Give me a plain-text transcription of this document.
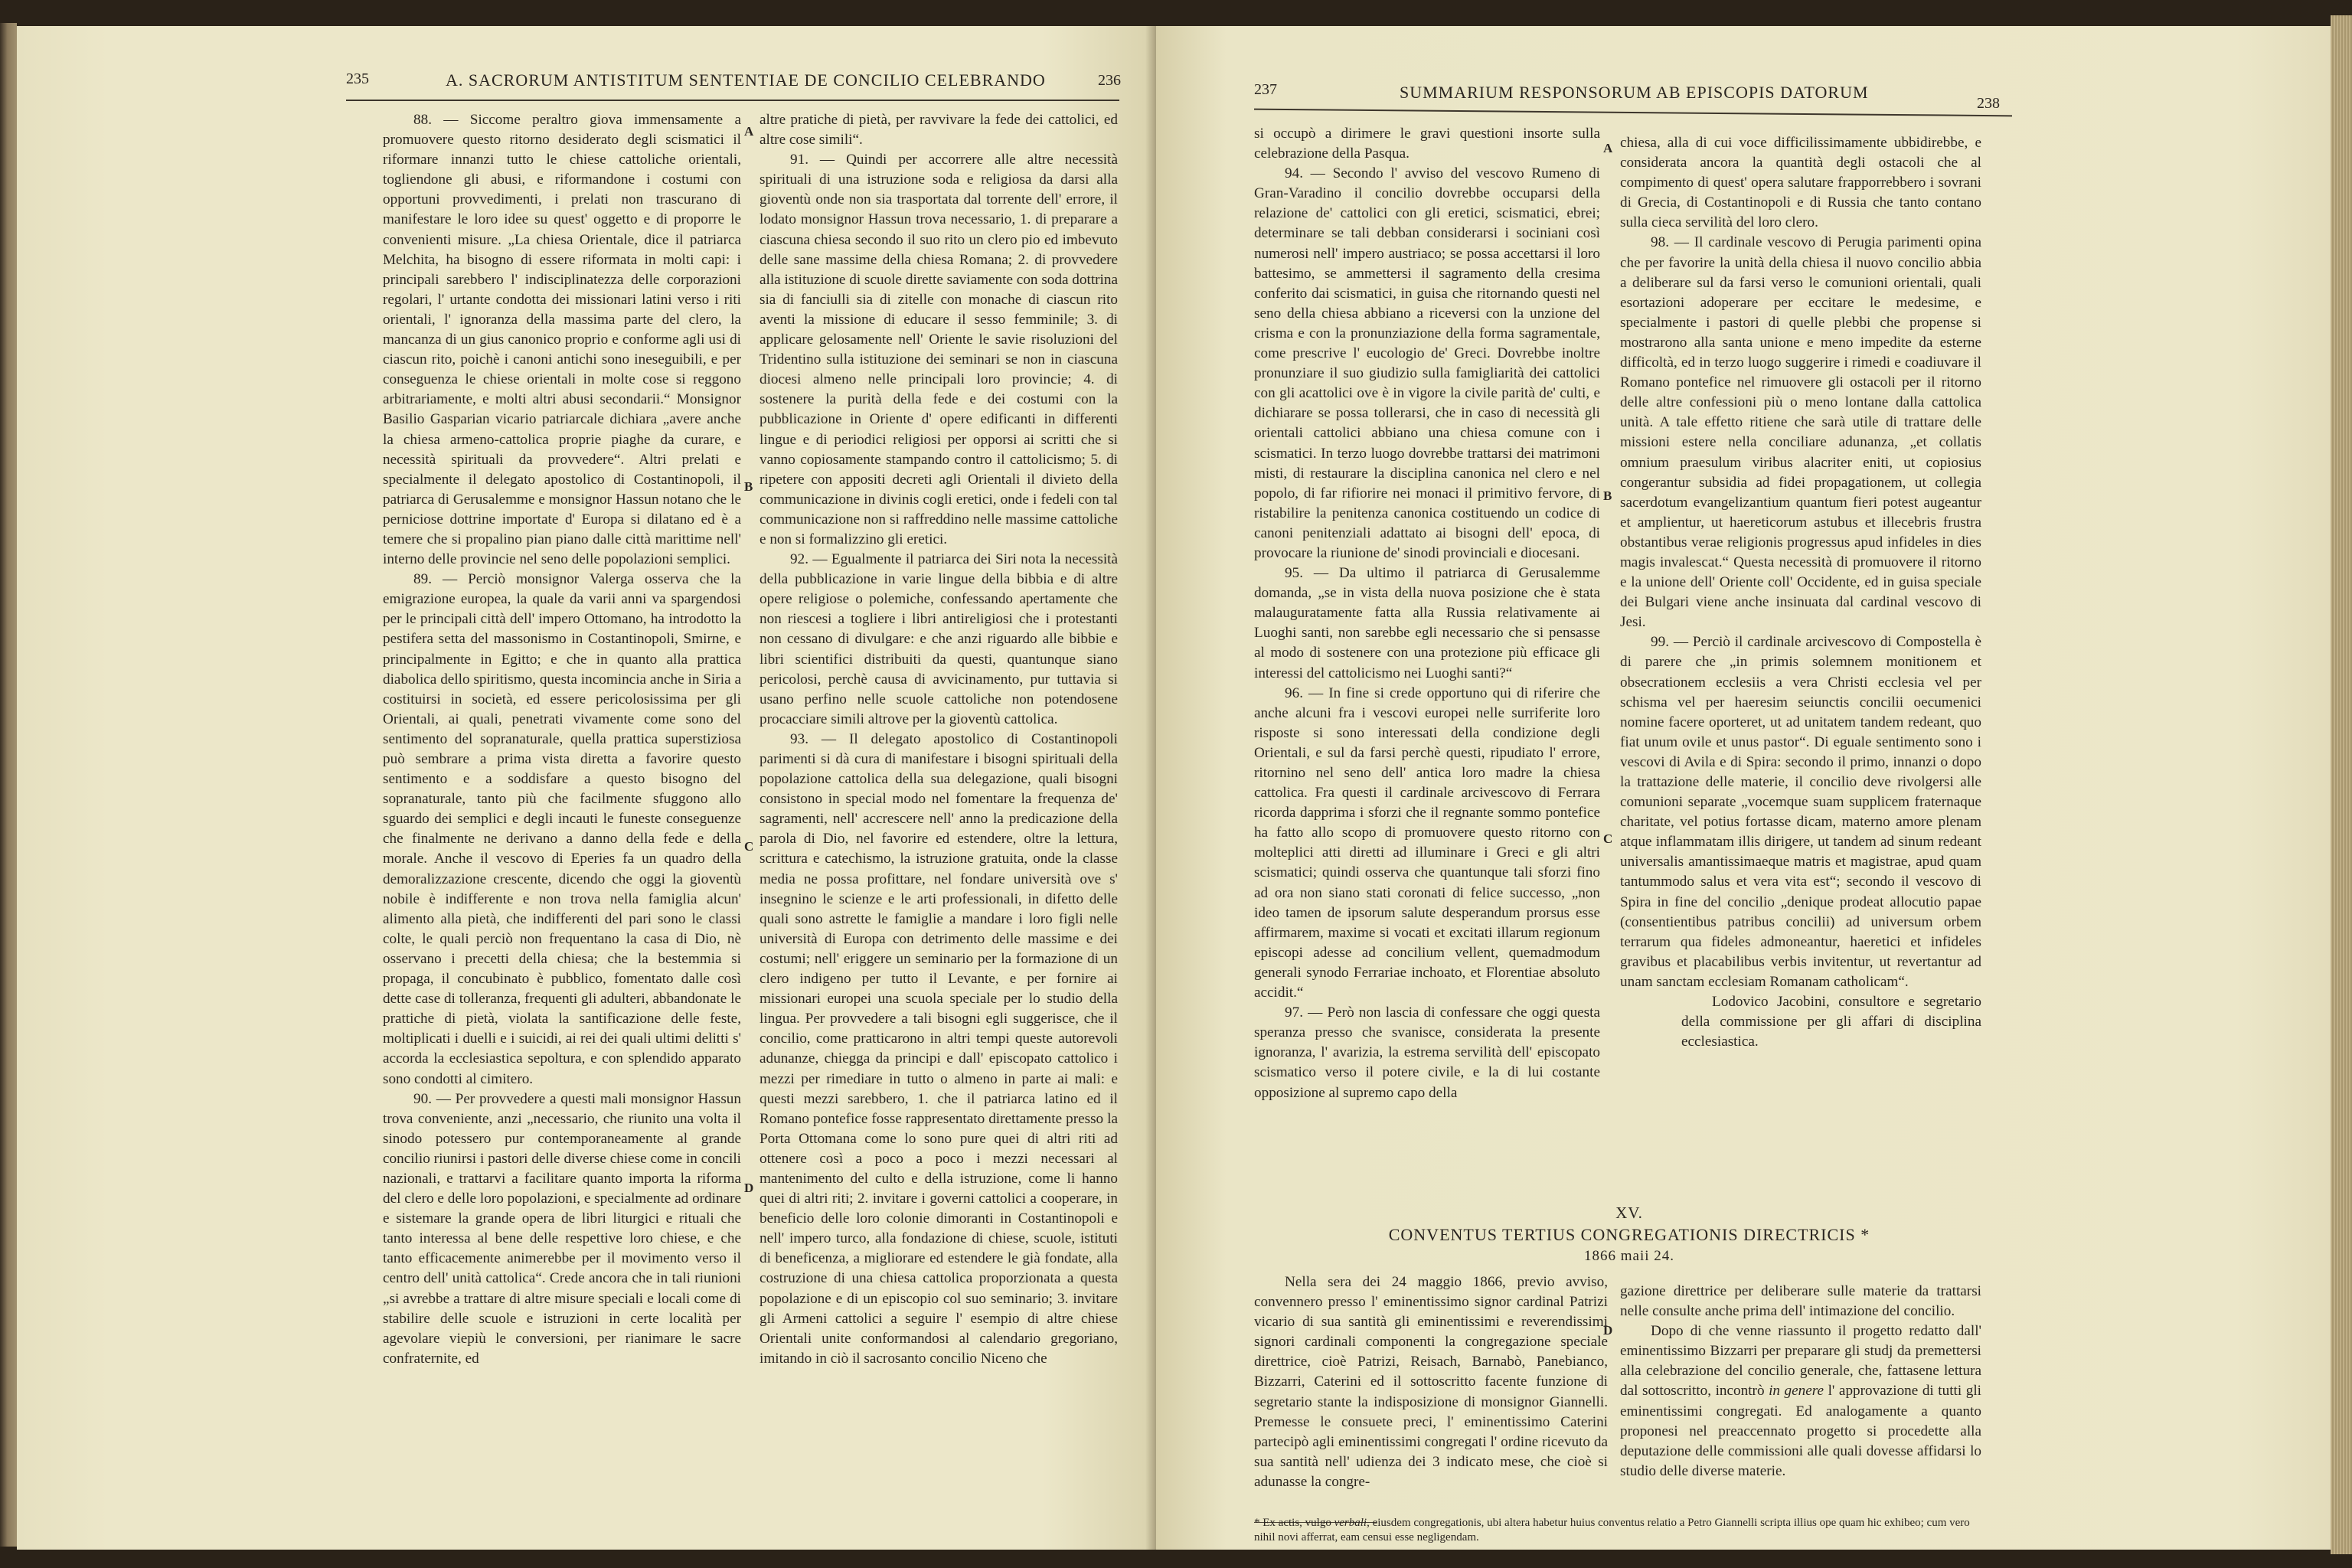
235	A. SACRORUM ANTISTITUM SENTENTIAE DE CONCILIO CELEBRANDO	236

88. — Siccome peraltro giova immensamente a promuovere questo ritorno desiderato degli scismatici il riformare innanzi tutto le chiese cattoliche orientali, togliendone gli abusi, e riformandone i costumi con opportuni provvedimenti, i prelati non trascurano di manifestare le loro idee su quest' oggetto e di proporre le convenienti misure. „La chiesa Orientale, dice il patriarca Melchita, ha bisogno di essere riformata in molti capi: i principali sarebbero l' indisciplinatezza delle corporazioni regolari, l' urtante condotta dei missionari latini verso i riti orientali, l' ignoranza della massima parte del clero, la mancanza di un gius canonico proprio e conforme agli usi di ciascun rito, poichè i canoni antichi sono ineseguibili, e per conseguenza le chiese orientali in molte cose si reggono arbitrariamente, e molti altri abusi secondarii.“ Monsignor Basilio Gasparian vicario patriarcale dichiara „avere anche la chiesa armeno-cattolica proprie piaghe da curare, e necessità spirituali da provvedere“. Altri prelati e specialmente il delegato apostolico di Costantinopoli, il patriarca di Gerusalemme e monsignor Hassun notano che le perniciose dottrine importate d' Europa si dilatano ed è a temere che si propalino pian piano dalle città marittime nell' interno delle provincie nel seno delle popolazioni semplici.

89. — Perciò monsignor Valerga osserva che la emigrazione europea, la quale da varii anni va spargendosi per le principali città dell' impero Ottomano, ha introdotto la pestifera setta del massonismo in Costantinopoli, Smirne, e principalmente in Egitto; e che in quanto alla prattica diabolica dello spiritismo, questa incomincia anche in Siria a costituirsi in società, ed essere pericolosissima per gli Orientali, ai quali, penetrati vivamente come sono del sentimento del sopranaturale, quella prattica superstiziosa può sembrare a prima vista diretta a favorire questo sentimento e a soddisfare a questo bisogno del sopranaturale, tanto più che facilmente sfuggono allo sguardo dei semplici e degli incauti le funeste conseguenze che finalmente ne derivano a danno della fede e della morale. Anche il vescovo di Eperies fa un quadro della demoralizzazione crescente, dicendo che oggi la gioventù nobile è indifferente e non trova nella famiglia alcun' alimento alla pietà, che indifferenti del pari sono le classi colte, le quali perciò non frequentano la casa di Dio, nè osservano i precetti della chiesa; che la bestemmia si propaga, il concubinato è pubblico, fomentato dalle così dette case di tolleranza, frequenti gli adulteri, abbandonate le prattiche di pietà, violata la santificazione delle feste, moltiplicati i duelli e i suicidi, ai rei dei quali ultimi delitti s' accorda la ecclesiastica sepoltura, e con splendido apparato sono condotti al cimitero.

90. — Per provvedere a questi mali monsignor Hassun trova conveniente, anzi „necessario, che riunito una volta il sinodo potessero pur contemporaneamente al grande concilio riunirsi i pastori delle diverse chiese come in concili nazionali, e trattarvi a facilitare quanto importa la riforma del clero e delle loro popolazioni, e specialmente ad ordinare e sistemare la grande opera de libri liturgici e rituali che tanto interessa al bene delle respettive loro chiese, e che tanto efficacemente animerebbe per il movimento verso il centro dell' unità cattolica“. Crede ancora che in tali riunioni „si avrebbe a trattare di altre misure speciali e locali come di stabilire delle scuole e istruzioni in certe località per agevolare viepiù le conversioni, per rianimare le sacre confraternite, ed

A
B
C
D

altre pratiche di pietà, per ravvivare la fede dei cattolici, ed altre cose simili“.

91. — Quindi per accorrere alle altre necessità spirituali di una istruzione soda e religiosa da darsi alla gioventù onde non sia trasportata dal torrente dell' errore, il lodato monsignor Hassun trova necessario, 1. di preparare a ciascuna chiesa secondo il suo rito un clero pio ed imbevuto delle sane massime della chiesa Romana; 2. di provvedere alla istituzione di scuole dirette saviamente con soda dottrina sia di fanciulli sia di zitelle con monache di ciascun rito aventi la missione di educare il sesso femminile; 3. di applicare gelosamente nell' Oriente le savie risoluzioni del Tridentino sulla istituzione dei seminari se non in ciascuna diocesi almeno nelle principali loro provincie; 4. di sostenere la purità della fede e dei costumi con la pubblicazione in Oriente d' opere edificanti in differenti lingue e di periodici religiosi per opporsi ai scritti che si vanno copiosamente stampando contro il cattolicismo; 5. di ripetere con appositi decreti agli Orientali il divieto della communicazione in divinis cogli eretici, onde i fedeli con tal communicazione non si raffreddino nelle massime cattoliche e non si formalizzino gli eretici.

92. — Egualmente il patriarca dei Siri nota la necessità della pubblicazione in varie lingue della bibbia e di altre opere religiose o polemiche, confessando apertamente che non riescesi a togliere i libri antireligiosi che i protestanti non cessano di divulgare: e che anzi riguardo alle bibbie e libri scientifici distribuiti da questi, quantunque siano pericolosi, perchè causa di avvicinamento, pur tuttavia si usano perfino nelle scuole cattoliche non potendosene procacciare simili altrove per la gioventù cattolica.

93. — Il delegato apostolico di Costantinopoli parimenti si dà cura di manifestare i bisogni spirituali della popolazione cattolica della sua delegazione, quali bisogni consistono in special modo nel fomentare la frequenza de' sagramenti, nell' accrescere nell' anno la predicazione della parola di Dio, nel favorire ed estendere, oltre la lettura, scrittura e catechismo, la istruzione gratuita, onde la classe media ne possa profittare, nel fondare università ove s' insegnino le scienze e le arti professionali, in difetto delle quali sono astrette le famiglie a mandare i loro figli nelle università di Europa con detrimento delle massime e dei costumi; nell' eriggere un seminario per la formazione di un clero indigeno per tutto il Levante, e per fornire ai missionari europei una scuola speciale per lo studio della lingua. Per provvedere a tali bisogni egli suggerisce, che il concilio, come pratticarono in altri tempi queste autorevoli adunanze, chiegga da principi e dall' episcopato cattolico i mezzi per rimediare in tutto o almeno in parte ai mali: e questi mezzi sarebbero, 1. che il patriarca latino ed il Romano pontefice fosse rappresentato direttamente presso la Porta Ottomana come lo sono pure quei di altri riti ad ottenere così a poco a poco i mezzi necessari al mantenimento del culto e della istruzione, come li hanno quei di altri riti; 2. invitare i governi cattolici a cooperare, in beneficio delle loro colonie dimoranti in Costantinopoli e nell' impero turco, alla fondazione di chiese, scuole, istituti di beneficenza, a migliorare ed estendere le già fondate, alla costruzione di una chiesa cattolica proporzionata a questa popolazione e di un episcopio col suo seminario; 3. invitare gli Armeni cattolici a seguire l' esempio di altre chiese Orientali unite conformandosi al calendario gregoriano, imitando in ciò il sacrosanto concilio Niceno che

237	SUMMARIUM RESPONSORUM AB EPISCOPIS DATORUM
238

si occupò a dirimere le gravi questioni insorte sulla celebrazione della Pasqua.

94. — Secondo l' avviso del vescovo Rumeno di Gran-Varadino il concilio dovrebbe occuparsi della relazione de' cattolici con gli eretici, scismatici, ebrei; determinare se tali debban considerarsi i sociniani così numerosi nell' impero austriaco; se possa accettarsi il loro battesimo, se ammettersi il sagramento della cresima conferito dai scismatici, in guisa che ritornando questi nel seno della chiesa abbiano a riceversi con la unzione del crisma e con la pronunziazione della forma sagramentale, come prescrive l' eucologio de' Greci. Dovrebbe inoltre pronunziare il suo giudizio sulla famigliarità dei cattolici con gli acattolici ove è in vigore la civile parità de' culti, e dichiarare se possa tollerarsi, che in caso di necessità gli orientali cattolici abbiano una chiesa comune con i scismatici. In terzo luogo dovrebbe trattarsi dei matrimoni misti, di restaurare la disciplina canonica nel clero e nel popolo, di far rifiorire nei monaci il primitivo fervore, di ristabilire la penitenza canonica costituendo un codice di canoni penitenziali adattato ai bisogni dell' epoca, di provocare la riunione de' sinodi provinciali e diocesani.

95. — Da ultimo il patriarca di Gerusalemme domanda, „se in vista della nuova posizione che è stata malauguratamente fatta alla Russia relativamente ai Luoghi santi, non sarebbe egli necessario che si pensasse al modo di sostenere con una protezione più efficace gli interessi del cattolicismo nei Luoghi santi?“

96. — In fine si crede opportuno qui di riferire che anche alcuni fra i vescovi europei nelle surriferite loro risposte si sono interessati della condizione degli Orientali, e sul da farsi perchè questi, ripudiato l' errore, ritornino nel seno dell' antica loro madre la chiesa cattolica. Fra questi il cardinale arcivescovo di Ferrara ricorda dapprima i sforzi che il regnante sommo pontefice ha fatto allo scopo di promuovere questo ritorno con molteplici atti diretti ad illuminare i Greci e gli altri scismatici; quindi osserva che quantunque tali sforzi fino ad ora non siano stati coronati di felice successo, „non ideo tamen de ipsorum salute desperandum prorsus esse affirmarem, maxime si vocati et excitati illarum regionum episcopi adesse ad concilium vellent, quemadmodum generali synodo Ferrariae inchoato, et Florentiae absoluto accidit.“

97. — Però non lascia di confessare che oggi questa speranza presso che svanisce, considerata la presente ignoranza, l' avarizia, la estrema servilità dell' episcopato scismatico verso il potere civile, e la di lui costante opposizione al supremo capo della

A
B
C
D

chiesa, alla di cui voce difficilissimamente ubbidirebbe, e considerata ancora la quantità degli ostacoli che al compimento di quest' opera salutare frapporrebbero i sovrani di Grecia, di Costantinopoli e di Russia che tanto contano sulla cieca servilità del loro clero.

98. — Il cardinale vescovo di Perugia parimenti opina che per favorire la unità della chiesa il nuovo concilio abbia a deliberare sul da farsi verso le comunioni orientali, quali esortazioni adoperare per eccitare le medesime, e specialmente i pastori di quelle plebbi che propense si mostrarono alla santa unione e meno impedite da esterne difficoltà, ed in terzo luogo suggerire i rimedi e coadiuvare il Romano pontefice nel rimuovere gli ostacoli per il ritorno delle altre confessioni più o meno lontane dalla cattolica unità. A tale effetto ritiene che sarà utile di trattare delle missioni estere nella conciliare adunanza, „et collatis omnium praesulum viribus alacriter eniti, ut copiosius congerantur subsidia ad fidei propagationem, ut collegia sacerdotum evangelizantium quantum fieri potest augeantur et amplientur, ut haereticorum astubus et illecebris frustra obstantibus verae religionis progressus apud infideles in dies magis invalescat.“ Questa necessità di promuovere il ritorno e la unione dell' Oriente coll' Occidente, ed in guisa speciale dei Bulgari viene anche insinuata dal cardinal vescovo di Jesi.

99. — Perciò il cardinale arcivescovo di Compostella è di parere che „in primis solemnem monitionem et obsecrationem ecclesiis a vera Christi ecclesia vel per schisma vel per haeresim seiunctis concilii oecumenici nomine facere oporteret, ut ad unitatem tandem redeant, quo fiat unum ovile et unus pastor“. Di eguale sentimento sono i vescovi di Avila e di Spira: secondo il primo, innanzi o dopo la trattazione delle materie, il concilio deve rivolgersi alle comunioni separate „vocemque suam supplicem fraternaque charitate, vel potius fortasse dicam, materno amore plenam atque inflammatam illis dirigere, ut tandem ad sinum redeant universalis amantissimaeque matris et magistrae, apud quam tantummodo salus et vera vita est“; secondo il vescovo di Spira in fine del concilio „denique prodeat allocutio papae (consentientibus patribus concilii) ad universum orbem terrarum qua fideles admoneantur, haeretici et infideles gravibus et placabilibus verbis invitentur, ut revertantur ad unam sanctam ecclesiam Romanam catholicam“.

Lodovico Jacobini, consultore e segretario della commissione per gli affari di disciplina ecclesiastica.

XV.
CONVENTUS TERTIUS CONGREGATIONIS DIRECTRICIS *
1866 maii 24.

Nella sera dei 24 maggio 1866, previo avviso, convennero presso l' eminentissimo signor cardinal Patrizi vicario di sua santità gli eminentissimi e reverendissimi signori cardinali componenti la congregazione speciale direttrice, cioè Patrizi, Reisach, Barnabò, Panebianco, Bizzarri, Caterini ed il sottoscritto facente funzione di segretario stante la indisposizione di monsignor Giannelli. Premesse le consuete preci, l' eminentissimo Caterini partecipò agli eminentissimi congregati l' ordine ricevuto da sua santità nell' udienza dei 3 indicato mese, che cioè si adunasse la congre-

gazione direttrice per deliberare sulle materie da trattarsi nelle consulte anche prima dell' intimazione del concilio.

Dopo di che venne riassunto il progetto redatto dall' eminentissimo Bizzarri per preparare gli studj da premettersi alla celebrazione del concilio generale, che, fattasene lettura dal sottoscritto, incontrò in genere l' approvazione di tutti gli eminentissimi congregati. Ed analogamente a quanto proponesi nel preaccennato progetto si procedette alla deputazione delle commissioni alle quali dovesse affidarsi lo studio delle diverse materie.

* Ex actis, vulgo verbali, eiusdem congregationis, ubi altera habetur huius conventus relatio a Petro Giannelli scripta illius ope quam hic exhibeo; cum vero nihil novi afferrat, eam censui esse negligendam.
